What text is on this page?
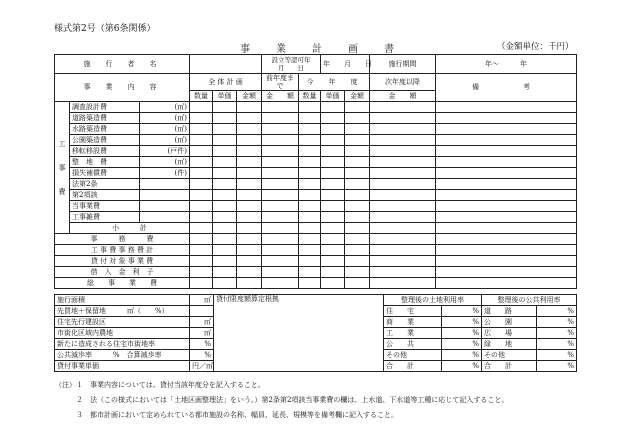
様式第2号（第6条関係）
事　　業　　計　　画　　書	（金額単位：千円）
施　行　者　名						設立等認可年　　月　　日		年　　月　　日		施行期間	年～　　　年
事　業　内　容			全 体 計 画			前年度まで	今　年　度			次年度以降	備　　考
			数量	単価	金額	金　　額	数量	単価	金額	金　　額	
工事費	調査設計費	(㎡)									
	道路築造費	(㎡)									
	水路築造費	(㎡)									
	公園築造費	(㎡)									
	移転移設費	(戸件)									
	整　地　費	(㎡)									
	損失補償費	(件)									
	法第2条										
	第2項該										
	当事業費										
	工事雑費										
	小　　　計										
事　　　務　　　費											
工 事 費 事 務 費 計											
貸 付 対 象 事 業 費											
借　入　金　利　子											
総　　事　　業　　費											
施行面積	㎡	貸付限度額算定根拠	整理後の土地利用率		整理後の公共利用率	
先買地＋保留地　　　㎡（　　%）			住　　宅	%	道　　路	%
住宅先行建設区	㎡		商　　業	%	公　　園	%
市街化区域内農地	㎡		工　　業	%	広　　場	%
新たに造成される住宅市街地率	%		公　　共	%	緑　　地	%
公共減歩率　　　%　合算減歩率	%		その他	%	その他	%
貸付事業単価	円／㎡		合　　計	%	合　　計	%
（注）１　事業内容については、貸付当該年度分を記入すること。
　　　２　法（この様式においては「土地区画整理法」をいう。）第2条第2項該当事業費の欄は、上水道、下水道等工種に応じて記入すること。
　　　３　都市計画において定められている都市施設の名称、幅員、延長、規模等を備考欄に記入すること。
